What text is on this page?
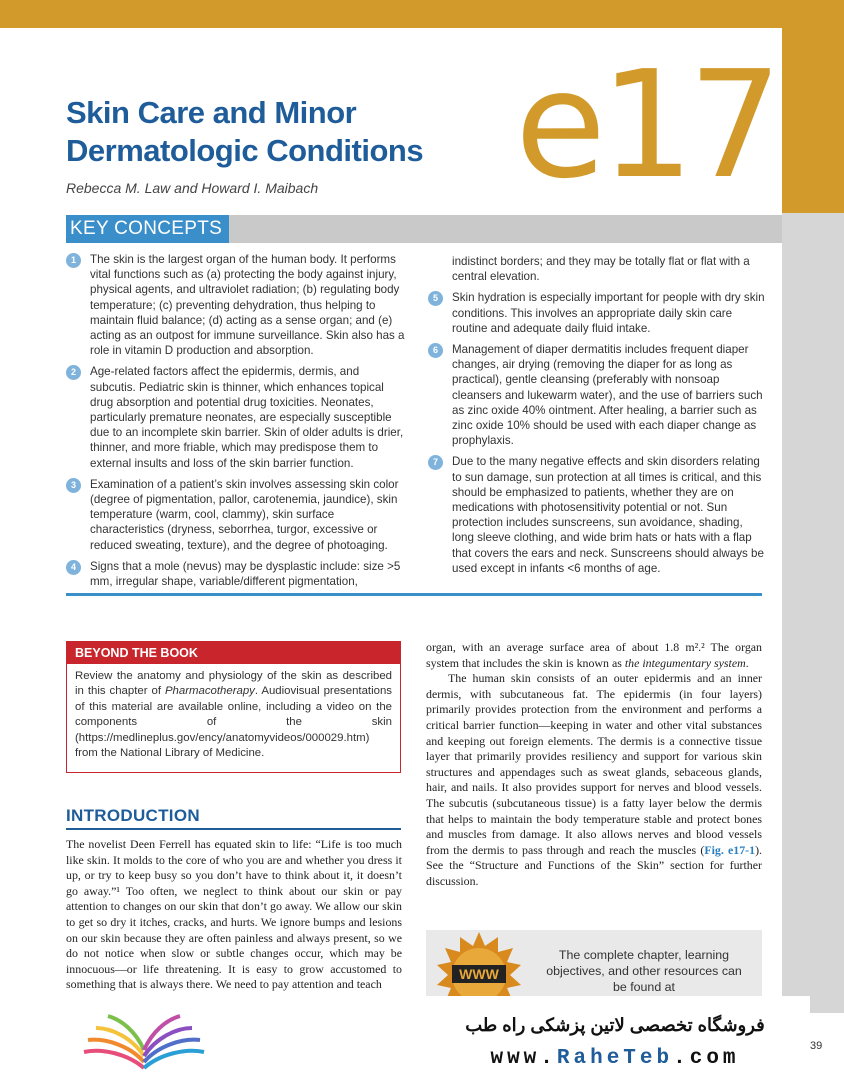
Skin Care and Minor
Dermatologic Conditions e17
Rebecca M. Law and Howard I. Maibach
KEY CONCEPTS
1	The skin is the largest organ of the human body. It performs vital functions such as (a) protecting the body against injury, physical agents, and ultraviolet radiation; (b) regulating body temperature; (c) preventing dehydration, thus helping to maintain fluid balance; (d) acting as a sense organ; and (e) acting as an outpost for immune surveillance. Skin also has a role in vitamin D production and absorption.
2	Age-related factors affect the epidermis, dermis, and subcutis. Pediatric skin is thinner, which enhances topical drug absorption and potential drug toxicities. Neonates, particularly premature neonates, are especially susceptible due to an incomplete skin barrier. Skin of older adults is drier, thinner, and more friable, which may predispose them to external insults and loss of the skin barrier function.
3	Examination of a patient’s skin involves assessing skin color (degree of pigmentation, pallor, carotenemia, jaundice), skin temperature (warm, cool, clammy), skin surface characteristics (dryness, seborrhea, turgor, excessive or reduced sweating, texture), and the degree of photoaging.
4	Signs that a mole (nevus) may be dysplastic include: size >5 mm, irregular shape, variable/different pigmentation,
indistinct borders; and they may be totally flat or flat with a central elevation.
5	Skin hydration is especially important for people with dry skin conditions. This involves an appropriate daily skin care routine and adequate daily fluid intake.
6	Management of diaper dermatitis includes frequent diaper changes, air drying (removing the diaper for as long as practical), gentle cleansing (preferably with nonsoap cleansers and lukewarm water), and the use of barriers such as zinc oxide 40% ointment. After healing, a barrier such as zinc oxide 10% should be used with each diaper change as prophylaxis.
7	Due to the many negative effects and skin disorders relating to sun damage, sun protection at all times is critical, and this should be emphasized to patients, whether they are on medications with photosensitivity potential or not. Sun protection includes sunscreens, sun avoidance, shading, long sleeve clothing, and wide brim hats or hats with a flap that covers the ears and neck. Sunscreens should always be used except in infants <6 months of age.
BEYOND THE BOOK
Review the anatomy and physiology of the skin as described in this chapter of Pharmacotherapy. Audiovisual presentations of this material are available online, including a video on the components of the skin (https://medlineplus.gov/ency/anatomyvideos/000029.htm) from the National Library of Medicine.
INTRODUCTION
The novelist Deen Ferrell has equated skin to life: “Life is too much like skin. It molds to the core of who you are and whether you dress it up, or try to keep busy so you don’t have to think about it, it doesn’t go away.”¹ Too often, we neglect to think about our skin or pay attention to changes on our skin that don’t go away. We allow our skin to get so dry it itches, cracks, and hurts. We ignore bumps and lesions on our skin because they are often painless and always present, so we do not notice when slow or subtle changes occur, which may be innocuous—or life threatening. It is easy to grow accustomed to something that is always there. We need to pay attention and teach

organ, with an average surface area of about 1.8 m².² The organ system that includes the skin is known as the integumentary system.

The human skin consists of an outer epidermis and an inner dermis, with subcutaneous fat. The epidermis (in four layers) primarily provides protection from the environment and performs a critical barrier function—keeping in water and other vital substances and keeping out foreign elements. The dermis is a connective tissue layer that primarily provides resiliency and support for various skin structures and appendages such as sweat glands, sebaceous glands, hair, and nails. It also provides support for nerves and blood vessels. The subcutis (subcutaneous tissue) is a fatty layer below the dermis that helps to maintain the body temperature stable and protect bones and muscles from damage. It also allows nerves and blood vessels from the dermis to pass through and reach the muscles (Fig. e17-1). See the “Structure and Functions of the Skin” section for further discussion.

WWW
The complete chapter, learning objectives, and other resources can be found at
فروشگاه تخصصی لاتین پزشکی راه طب
www.RaheTeb.com
39
